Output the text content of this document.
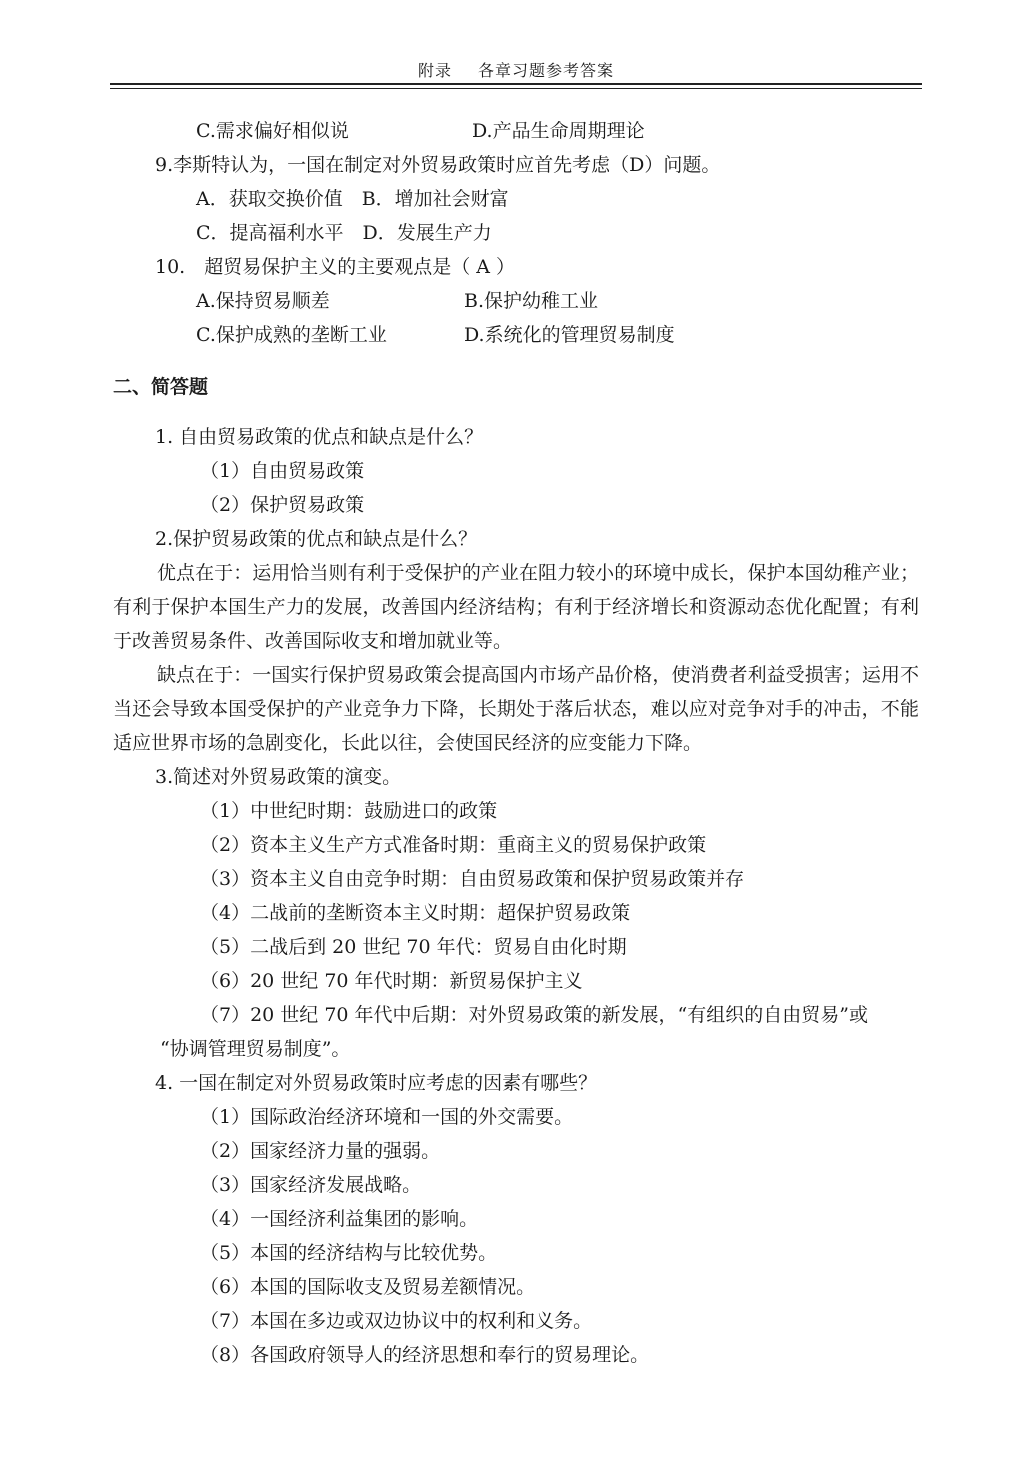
附录 各章习题参考答案
C.需求偏好相似说	D.产品生命周期理论
9.李斯特认为，一国在制定对外贸易政策时应首先考虑（D）问题。
A．获取交换价值　B．增加社会财富
C．提高福利水平　D．发展生产力
10.　超贸易保护主义的主要观点是（ A ）
A.保持贸易顺差	B.保护幼稚工业
C.保护成熟的垄断工业	D.系统化的管理贸易制度
二、简答题
1. 自由贸易政策的优点和缺点是什么？
（1）自由贸易政策
（2）保护贸易政策
2.保护贸易政策的优点和缺点是什么？
优点在于：运用恰当则有利于受保护的产业在阻力较小的环境中成长，保护本国幼稚产业；有利于保护本国生产力的发展，改善国内经济结构；有利于经济增长和资源动态优化配置；有利于改善贸易条件、改善国际收支和增加就业等。
缺点在于：一国实行保护贸易政策会提高国内市场产品价格，使消费者利益受损害；运用不当还会导致本国受保护的产业竞争力下降，长期处于落后状态，难以应对竞争对手的冲击，不能适应世界市场的急剧变化，长此以往，会使国民经济的应变能力下降。
3.简述对外贸易政策的演变。
（1）中世纪时期：鼓励进口的政策
（2）资本主义生产方式准备时期：重商主义的贸易保护政策
（3）资本主义自由竞争时期：自由贸易政策和保护贸易政策并存
（4）二战前的垄断资本主义时期：超保护贸易政策
（5）二战后到 20 世纪 70 年代：贸易自由化时期
（6）20 世纪 70 年代时期：新贸易保护主义
（7）20 世纪 70 年代中后期：对外贸易政策的新发展，“有组织的自由贸易”或
“协调管理贸易制度”。
4. 一国在制定对外贸易政策时应考虑的因素有哪些？
（1）国际政治经济环境和一国的外交需要。
（2）国家经济力量的强弱。
（3）国家经济发展战略。
（4）一国经济利益集团的影响。
（5）本国的经济结构与比较优势。
（6）本国的国际收支及贸易差额情况。
（7）本国在多边或双边协议中的权利和义务。
（8）各国政府领导人的经济思想和奉行的贸易理论。
